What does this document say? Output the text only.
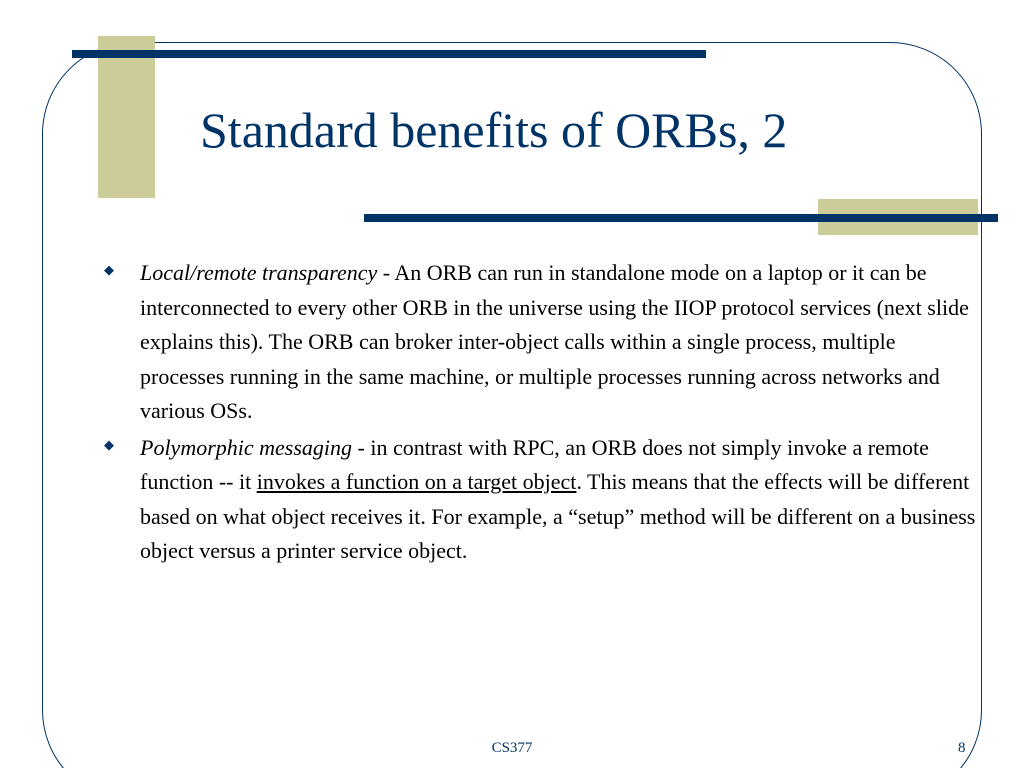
Standard benefits of ORBs, 2
◆ Local/remote transparency - An ORB can run in standalone mode on a laptop or it can be interconnected to every other ORB in the universe using the IIOP protocol services (next slide explains this). The ORB can broker inter-object calls within a single process, multiple processes running in the same machine, or multiple processes running across networks and various OSs.
◆ Polymorphic messaging - in contrast with RPC, an ORB does not simply invoke a remote function -- it invokes a function on a target object. This means that the effects will be different based on what object receives it. For example, a “setup” method will be different on a business object versus a printer service object.
CS377	8
